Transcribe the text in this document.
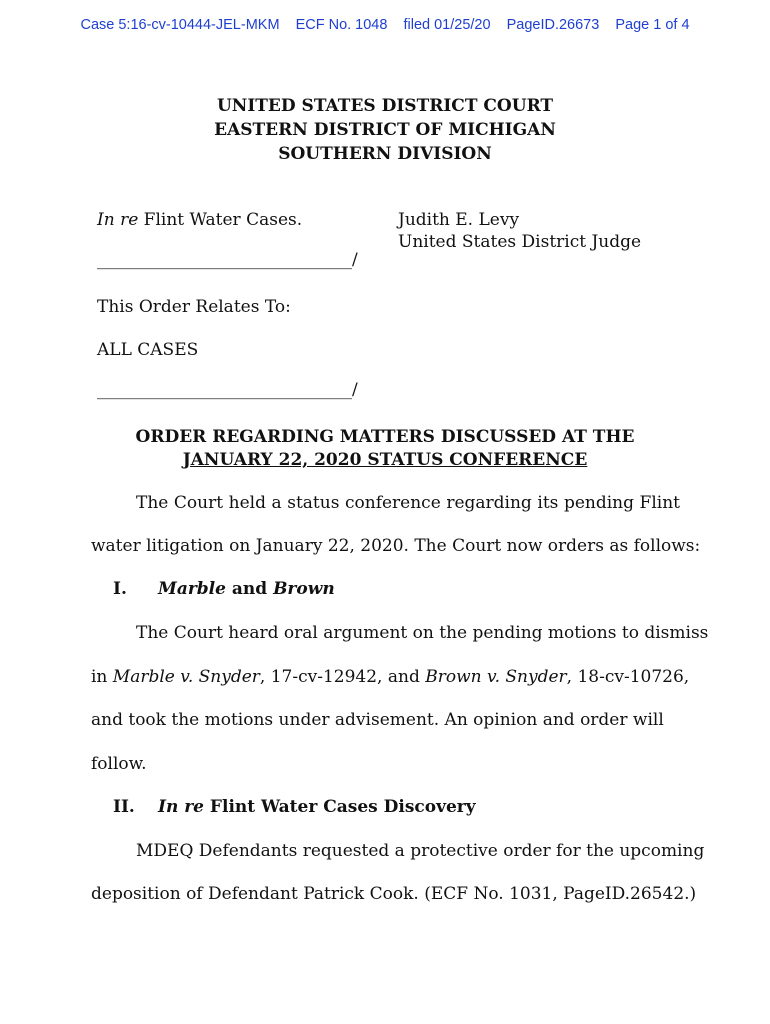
Case 5:16-cv-10444-JEL-MKM ECF No. 1048 filed 01/25/20 PageID.26673 Page 1 of 4
UNITED STATES DISTRICT COURT
EASTERN DISTRICT OF MICHIGAN
SOUTHERN DIVISION
In re Flint Water Cases.	Judith E. Levy
United States District Judge
______________________________/
This Order Relates To:
ALL CASES
______________________________/
ORDER REGARDING MATTERS DISCUSSED AT THE
JANUARY 22, 2020 STATUS CONFERENCE
The Court held a status conference regarding its pending Flint
water litigation on January 22, 2020. The Court now orders as follows:
I. Marble and Brown
The Court heard oral argument on the pending motions to dismiss
in Marble v. Snyder, 17-cv-12942, and Brown v. Snyder, 18-cv-10726,
and took the motions under advisement. An opinion and order will
follow.
II. In re Flint Water Cases Discovery
MDEQ Defendants requested a protective order for the upcoming
deposition of Defendant Patrick Cook. (ECF No. 1031, PageID.26542.)
